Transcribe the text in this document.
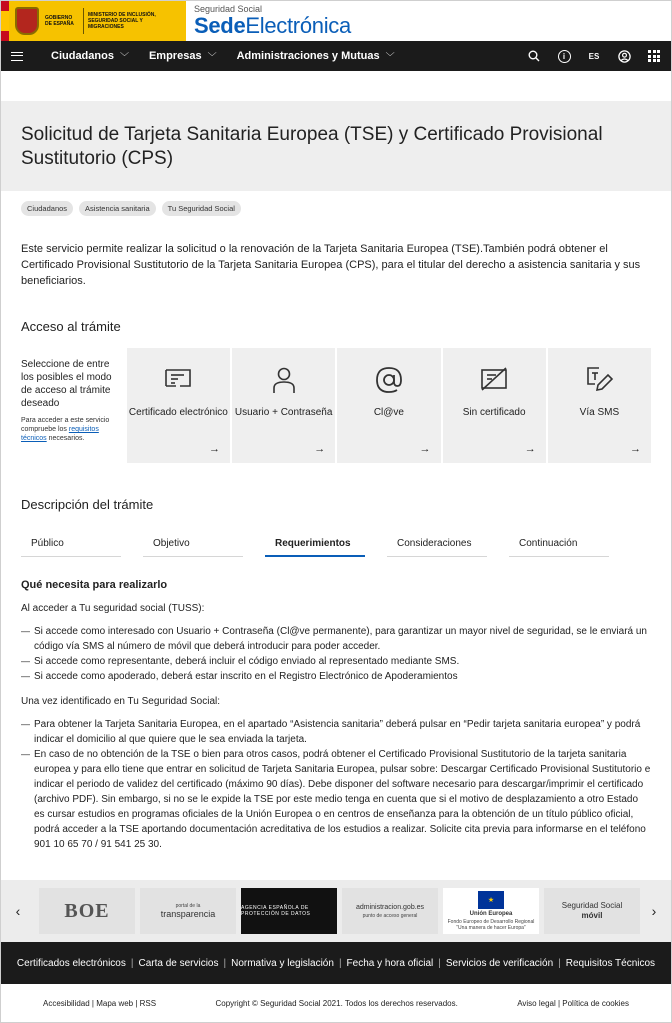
GOBIERNO DE ESPAÑA
MINISTERIO DE INCLUSIÓN, SEGURIDAD SOCIAL Y MIGRACIONES
Seguridad Social
SedeElectrónica
Ciudadanos ﹀ Empresas ﹀ Administraciones y Mutuas ﹀	i	ES
Solicitud de Tarjeta Sanitaria Europea (TSE) y Certificado Provisional Sustitutorio (CPS)
Ciudadanos	Asistencia sanitaria	Tu Seguridad Social

Este servicio permite realizar la solicitud o la renovación de la Tarjeta Sanitaria Europea (TSE).También podrá obtener el Certificado Provisional Sustitutorio de la Tarjeta Sanitaria Europea (CPS), para el titular del derecho a asistencia sanitaria y sus beneficiarios.

Acceso al trámite
Seleccione de entre los posibles el modo de acceso al trámite deseado
Para acceder a este servicio compruebe los requisitos técnicos necesarios.
Certificado electrónico
→
Usuario + Contraseña
→
Cl@ve
→
Sin certificado
→
Vía SMS
→
Descripción del trámite
Público	Objetivo	Requerimientos	Consideraciones	Continuación
Qué necesita para realizarlo

Al acceder a Tu seguridad social (TUSS):

— Si accede como interesado con Usuario + Contraseña (Cl@ve permanente), para garantizar un mayor nivel de seguridad, se le enviará un código vía SMS al número de móvil que deberá introducir para poder acceder.
— Si accede como representante, deberá incluir el código enviado al representado mediante SMS.
— Si accede como apoderado, deberá estar inscrito en el Registro Electrónico de Apoderamientos

Una vez identificado en Tu Seguridad Social:

— Para obtener la Tarjeta Sanitaria Europea, en el apartado “Asistencia sanitaria” deberá pulsar en “Pedir tarjeta sanitaria europea” y podrá indicar el domicilio al que quiere que le sea enviada la tarjeta.
— En caso de no obtención de la TSE o bien para otros casos, podrá obtener el Certificado Provisional Sustitutorio de la tarjeta sanitaria europea y para ello tiene que entrar en solicitud de Tarjeta Sanitaria Europea, pulsar sobre: Descargar Certificado Provisional Sustitutorio e indicar el periodo de validez del certificado (máximo 90 días). Debe disponer del software necesario para descargar/imprimir el certificado (archivo PDF). Sin embargo, si no se le expide la TSE por este medio tenga en cuenta que si el motivo de desplazamiento a otro Estado es cursar estudios en programas oficiales de la Unión Europea o en centros de enseñanza para la obtención de un título público oficial, podrá acceder a la TSE aportando documentación acreditativa de los estudios a realizar. Solicite cita previa para informarse en el teléfono 901 10 65 70 / 91 541 25 30.
‹ BOE	portal de la
transparencia
AGENCIA ESPAÑOLA DE PROTECCIÓN DE DATOS
administracion.gob.es
punto de acceso general
★
Unión Europea
Fondo Europeo de Desarrollo Regional
“Una manera de hacer Europa”
Seguridad Social
móvil	›
Certificados electrónicos | Carta de servicios | Normativa y legislación | Fecha y hora oficial | Servicios de verificación | Requisitos Técnicos
Accesibilidad | Mapa web | RSS	Copyright © Seguridad Social 2021. Todos los derechos reservados.	Aviso legal | Política de cookies
